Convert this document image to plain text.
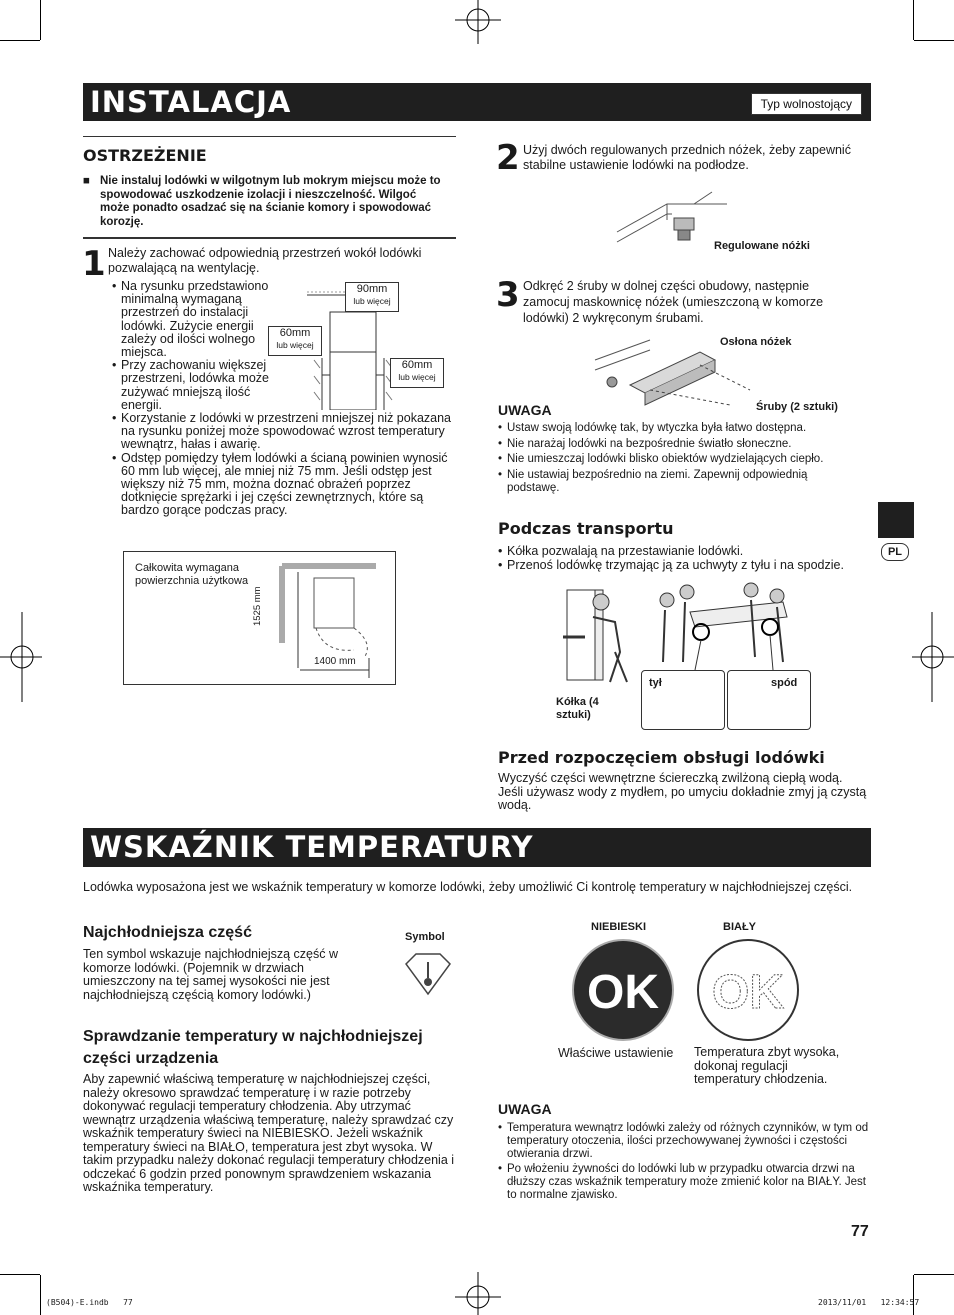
INSTALACJA	Typ wolnostojący

OSTRZEŻENIE

■ Nie instaluj lodówki w wilgotnym lub mokrym miejscu może to spowodować uszkodzenie izolacji i nieszczelność. Wilgoć może ponadto osadzać się na ścianie komory i spowodować korozję.
1 Należy zachować odpowiednią przestrzeń wokół lodówki pozwalającą na wentylację.
• Na rysunku przedstawiono minimalną wymaganą przestrzeń do instalacji lodówki. Zużycie energii zależy od ilości wolnego miejsca.
• Przy zachowaniu większej przestrzeni, lodówka może zużywać mniejszą ilość energii.
• Korzystanie z lodówki w przestrzeni mniejszej niż pokazana na rysunku poniżej może spowodować wzrost temperatury wewnątrz, hałas i awarię.
• Odstęp pomiędzy tyłem lodówki a ścianą powinien wynosić 60 mm lub więcej, ale mniej niż 75 mm. Jeśli odstęp jest większy niż 75 mm, można doznać obrażeń poprzez dotknięcie sprężarki i jej części zewnętrznych, które są bardzo gorące podczas pracy.
90mm
lub więcej
60mm
lub więcej
60mm
lub więcej
Całkowita wymagana powierzchnia użytkowa
1525 mm
1400 mm
2 Użyj dwóch regulowanych przednich nóżek, żeby zapewnić stabilne ustawienie lodówki na podłodze.
Regulowane nóżki
3 Odkręć 2 śruby w dolnej części obudowy, następnie zamocuj maskownicę nóżek (umieszczoną w komorze lodówki) 2 wykręconym śrubami.
Osłona nóżek
Śruby (2 sztuki)
UWAGA
• Ustaw swoją lodówkę tak, by wtyczka była łatwo dostępna.
• Nie narażaj lodówki na bezpośrednie światło słoneczne.
• Nie umieszczaj lodówki blisko obiektów wydzielających ciepło.
• Nie ustawiaj bezpośrednio na ziemi. Zapewnij odpowiednią podstawę.

Podczas transportu

• Kółka pozwalają na przestawianie lodówki.
• Przenoś lodówkę trzymając ją za uchwyty z tyłu i na spodzie.
tył	spód
Kółka (4 sztuki)

Przed rozpoczęciem obsługi lodówki

Wyczyść części wewnętrzne ściereczką zwilżoną ciepłą wodą. Jeśli używasz wody z mydłem, po umyciu dokładnie zmyj ją czystą wodą.
PL
WSKAŹNIK TEMPERATURY
Lodówka wyposażona jest we wskaźnik temperatury w komorze lodówki, żeby umożliwić Ci kontrolę temperatury w najchłodniejszej części.
Najchłodniejsza część
Ten symbol wskazuje najchłodniejszą część w komorze lodówki. (Pojemnik w drzwiach umieszczony na tej samej wysokości nie jest najchłodniejszą częścią komory lodówki.)
Symbol
Sprawdzanie temperatury w najchłodniejszej części urządzenia
Aby zapewnić właściwą temperaturę w najchłodniejszej części, należy okresowo sprawdzać temperaturę i w razie potrzeby dokonywać regulacji temperatury chłodzenia. Aby utrzymać wewnątrz urządzenia właściwą temperaturę, należy sprawdzać czy wskaźnik temperatury świeci na NIEBIESKO. Jeżeli wskaźnik temperatury świeci na BIAŁO, temperatura jest zbyt wysoka. W takim przypadku należy dokonać regulacji temperatury chłodzenia i odczekać 6 godzin przed ponownym sprawdzeniem wskazania wskaźnika temperatury.
NIEBIESKI	BIAŁY
OK OK
Właściwe ustawienie Temperatura zbyt wysoka, dokonaj regulacji temperatury chłodzenia.
UWAGA
• Temperatura wewnątrz lodówki zależy od różnych czynników, w tym od temperatury otoczenia, ilości przechowywanej żywności i częstości otwierania drzwi.
• Po włożeniu żywności do lodówki lub w przypadku otwarcia drzwi na dłuższy czas wskaźnik temperatury może zmienić kolor na BIAŁY. Jest to normalne zjawisko.
77
(B504)-E.indb   77	2013/11/01   12:34:57
